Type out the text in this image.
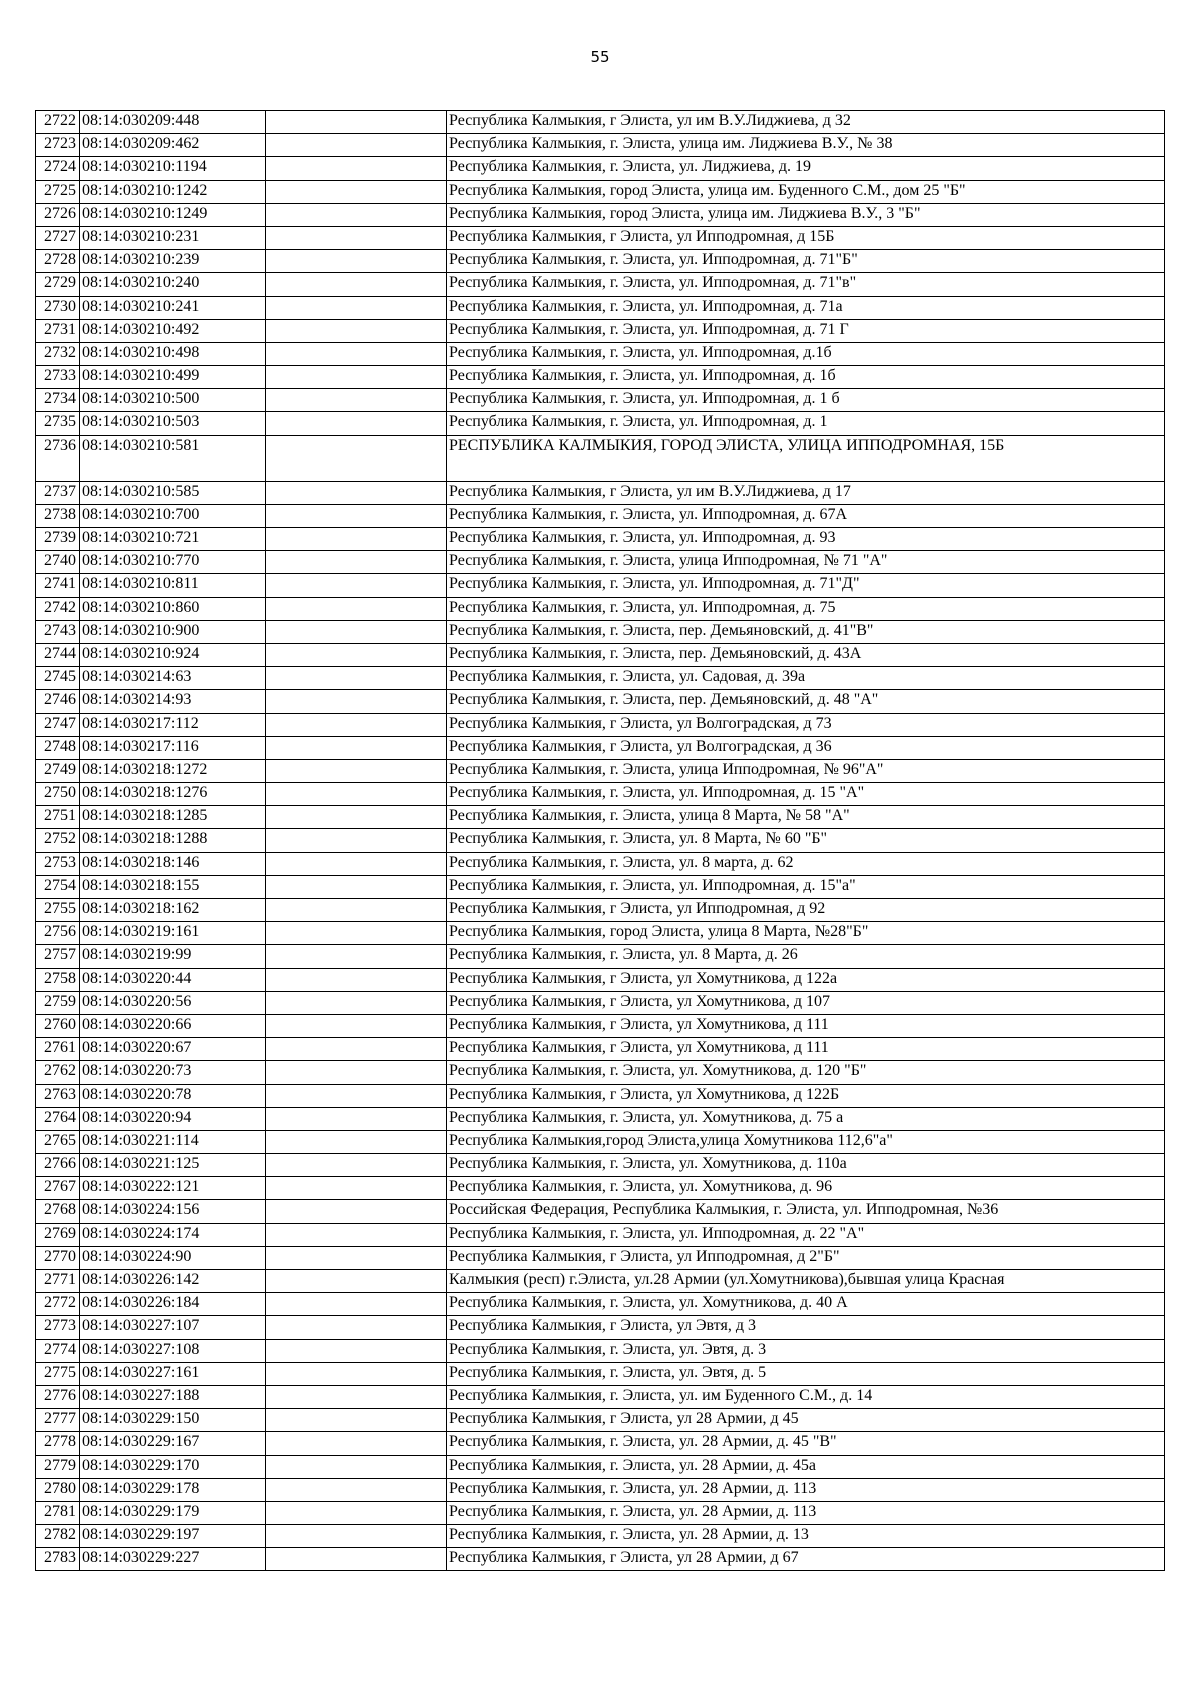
55
2722	08:14:030209:448		Республика Калмыкия, г Элиста, ул им В.У.Лиджиева, д 32
2723	08:14:030209:462		Республика Калмыкия, г. Элиста, улица им. Лиджиева В.У., № 38
2724	08:14:030210:1194		Республика Калмыкия, г. Элиста, ул. Лиджиева, д. 19
2725	08:14:030210:1242		Республика Калмыкия, город Элиста, улица им. Буденного С.М., дом 25 "Б"
2726	08:14:030210:1249		Республика Калмыкия, город Элиста, улица им. Лиджиева В.У., 3 "Б"
2727	08:14:030210:231		Республика Калмыкия, г Элиста, ул Ипподромная, д 15Б
2728	08:14:030210:239		Республика Калмыкия, г. Элиста, ул. Ипподромная, д. 71"Б"
2729	08:14:030210:240		Республика Калмыкия, г. Элиста, ул. Ипподромная, д. 71"в"
2730	08:14:030210:241		Республика Калмыкия, г. Элиста, ул. Ипподромная, д. 71а
2731	08:14:030210:492		Республика Калмыкия, г. Элиста, ул. Ипподромная, д. 71 Г
2732	08:14:030210:498		Республика Калмыкия, г. Элиста, ул. Ипподромная, д.1б
2733	08:14:030210:499		Республика Калмыкия, г. Элиста, ул. Ипподромная, д. 1б
2734	08:14:030210:500		Республика Калмыкия, г. Элиста, ул. Ипподромная, д. 1 б
2735	08:14:030210:503		Республика Калмыкия, г. Элиста, ул. Ипподромная, д. 1
2736	08:14:030210:581		РЕСПУБЛИКА КАЛМЫКИЯ, ГОРОД ЭЛИСТА, УЛИЦА ИППОДРОМНАЯ, 15Б
2737	08:14:030210:585		Республика Калмыкия, г Элиста, ул им В.У.Лиджиева, д 17
2738	08:14:030210:700		Республика Калмыкия, г. Элиста, ул. Ипподромная, д. 67А
2739	08:14:030210:721		Республика Калмыкия, г. Элиста, ул. Ипподромная, д. 93
2740	08:14:030210:770		Республика Калмыкия, г. Элиста, улица Ипподромная, № 71 "А"
2741	08:14:030210:811		Республика Калмыкия, г. Элиста, ул. Ипподромная, д. 71"Д"
2742	08:14:030210:860		Республика Калмыкия, г. Элиста, ул. Ипподромная, д. 75
2743	08:14:030210:900		Республика Калмыкия, г. Элиста, пер. Демьяновский, д. 41"В"
2744	08:14:030210:924		Республика Калмыкия, г. Элиста, пер. Демьяновский, д. 43А
2745	08:14:030214:63		Республика Калмыкия, г. Элиста, ул. Садовая, д. 39а
2746	08:14:030214:93		Республика Калмыкия, г. Элиста, пер. Демьяновский, д. 48 "А"
2747	08:14:030217:112		Республика Калмыкия, г Элиста, ул Волгоградская, д 73
2748	08:14:030217:116		Республика Калмыкия, г Элиста, ул Волгоградская, д 36
2749	08:14:030218:1272		Республика Калмыкия, г. Элиста, улица Ипподромная, № 96"А"
2750	08:14:030218:1276		Республика Калмыкия, г. Элиста, ул. Ипподромная, д. 15 "А"
2751	08:14:030218:1285		Республика Калмыкия, г. Элиста, улица 8 Марта, № 58 "А"
2752	08:14:030218:1288		Республика Калмыкия, г. Элиста, ул. 8 Марта, № 60 "Б"
2753	08:14:030218:146		Республика Калмыкия, г. Элиста, ул. 8 марта, д. 62
2754	08:14:030218:155		Республика Калмыкия, г. Элиста, ул. Ипподромная, д. 15"а"
2755	08:14:030218:162		Республика Калмыкия, г Элиста, ул Ипподромная, д 92
2756	08:14:030219:161		Республика Калмыкия, город Элиста, улица 8 Марта, №28"Б"
2757	08:14:030219:99		Республика Калмыкия, г. Элиста, ул. 8 Марта, д. 26
2758	08:14:030220:44		Республика Калмыкия, г Элиста, ул Хомутникова, д 122а
2759	08:14:030220:56		Республика Калмыкия, г Элиста, ул Хомутникова, д 107
2760	08:14:030220:66		Республика Калмыкия, г Элиста, ул Хомутникова, д 111
2761	08:14:030220:67		Республика Калмыкия, г Элиста, ул Хомутникова, д 111
2762	08:14:030220:73		Республика Калмыкия, г. Элиста, ул. Хомутникова, д. 120 "Б"
2763	08:14:030220:78		Республика Калмыкия, г Элиста, ул Хомутникова, д 122Б
2764	08:14:030220:94		Республика Калмыкия, г. Элиста, ул. Хомутникова, д. 75 а
2765	08:14:030221:114		Республика Калмыкия,город Элиста,улица Хомутникова 112,6"а"
2766	08:14:030221:125		Республика Калмыкия, г. Элиста, ул. Хомутникова, д. 110а
2767	08:14:030222:121		Республика Калмыкия, г. Элиста, ул. Хомутникова, д. 96
2768	08:14:030224:156		Российская Федерация, Республика Калмыкия, г. Элиста, ул. Ипподромная, №36
2769	08:14:030224:174		Республика Калмыкия, г. Элиста, ул. Ипподромная, д. 22 "А"
2770	08:14:030224:90		Республика Калмыкия, г Элиста, ул Ипподромная, д 2"Б"
2771	08:14:030226:142		Калмыкия (респ) г.Элиста, ул.28 Армии (ул.Хомутникова),бывшая улица Красная
2772	08:14:030226:184		Республика Калмыкия, г. Элиста, ул. Хомутникова, д. 40 А
2773	08:14:030227:107		Республика Калмыкия, г Элиста, ул Эвтя, д 3
2774	08:14:030227:108		Республика Калмыкия, г. Элиста, ул. Эвтя, д. 3
2775	08:14:030227:161		Республика Калмыкия, г. Элиста, ул. Эвтя, д. 5
2776	08:14:030227:188		Республика Калмыкия, г. Элиста, ул. им Буденного С.М., д. 14
2777	08:14:030229:150		Республика Калмыкия, г Элиста, ул 28 Армии, д 45
2778	08:14:030229:167		Республика Калмыкия, г. Элиста, ул. 28 Армии, д. 45 "В"
2779	08:14:030229:170		Республика Калмыкия, г. Элиста, ул. 28 Армии, д. 45а
2780	08:14:030229:178		Республика Калмыкия, г. Элиста, ул. 28 Армии, д. 113
2781	08:14:030229:179		Республика Калмыкия, г. Элиста, ул. 28 Армии, д. 113
2782	08:14:030229:197		Республика Калмыкия, г. Элиста, ул. 28 Армии, д. 13
2783	08:14:030229:227		Республика Калмыкия, г Элиста, ул 28 Армии, д 67
